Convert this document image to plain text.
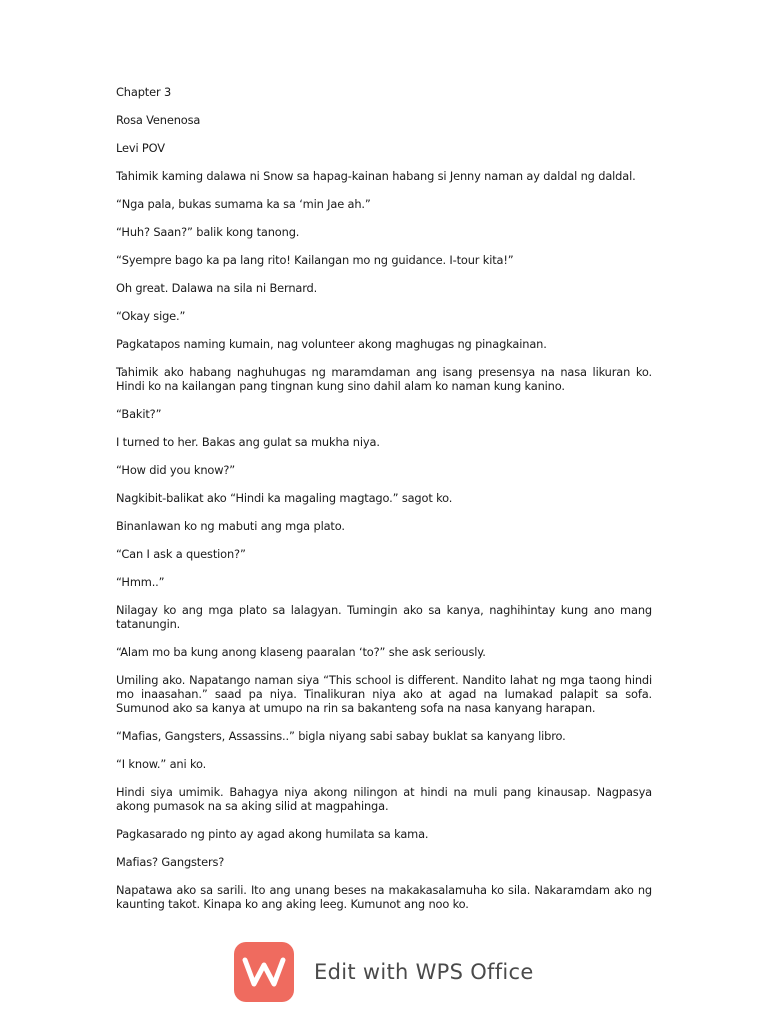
Chapter 3

Rosa Venenosa

Levi POV

Tahimik kaming dalawa ni Snow sa hapag-kainan habang si Jenny naman ay daldal ng daldal.

“Nga pala, bukas sumama ka sa ‘min Jae ah.”

“Huh? Saan?” balik kong tanong.

“Syempre bago ka pa lang rito! Kailangan mo ng guidance. I-tour kita!”

Oh great. Dalawa na sila ni Bernard.

“Okay sige.”

Pagkatapos naming kumain, nag volunteer akong maghugas ng pinagkainan.

Tahimik ako habang naghuhugas ng maramdaman ang isang presensya na nasa likuran ko. Hindi ko na kailangan pang tingnan kung sino dahil alam ko naman kung kanino.

“Bakit?”

I turned to her. Bakas ang gulat sa mukha niya.

“How did you know?”

Nagkibit-balikat ako “Hindi ka magaling magtago.” sagot ko.

Binanlawan ko ng mabuti ang mga plato.

“Can I ask a question?”

“Hmm..”

Nilagay ko ang mga plato sa lalagyan. Tumingin ako sa kanya, naghihintay kung ano mang tatanungin.

“Alam mo ba kung anong klaseng paaralan ‘to?” she ask seriously.

Umiling ako. Napatango naman siya “This school is different. Nandito lahat ng mga taong hindi mo inaasahan.” saad pa niya. Tinalikuran niya ako at agad na lumakad palapit sa sofa. Sumunod ako sa kanya at umupo na rin sa bakanteng sofa na nasa kanyang harapan.

“Mafias, Gangsters, Assassins..” bigla niyang sabi sabay buklat sa kanyang libro.

“I know.” ani ko.

Hindi siya umimik. Bahagya niya akong nilingon at hindi na muli pang kinausap. Nagpasya akong pumasok na sa aking silid at magpahinga.

Pagkasarado ng pinto ay agad akong humilata sa kama.

Mafias? Gangsters?

Napatawa ako sa sarili. Ito ang unang beses na makakasalamuha ko sila. Nakaramdam ako ng kaunting takot. Kinapa ko ang aking leeg. Kumunot ang noo ko.

Edit with WPS Office
